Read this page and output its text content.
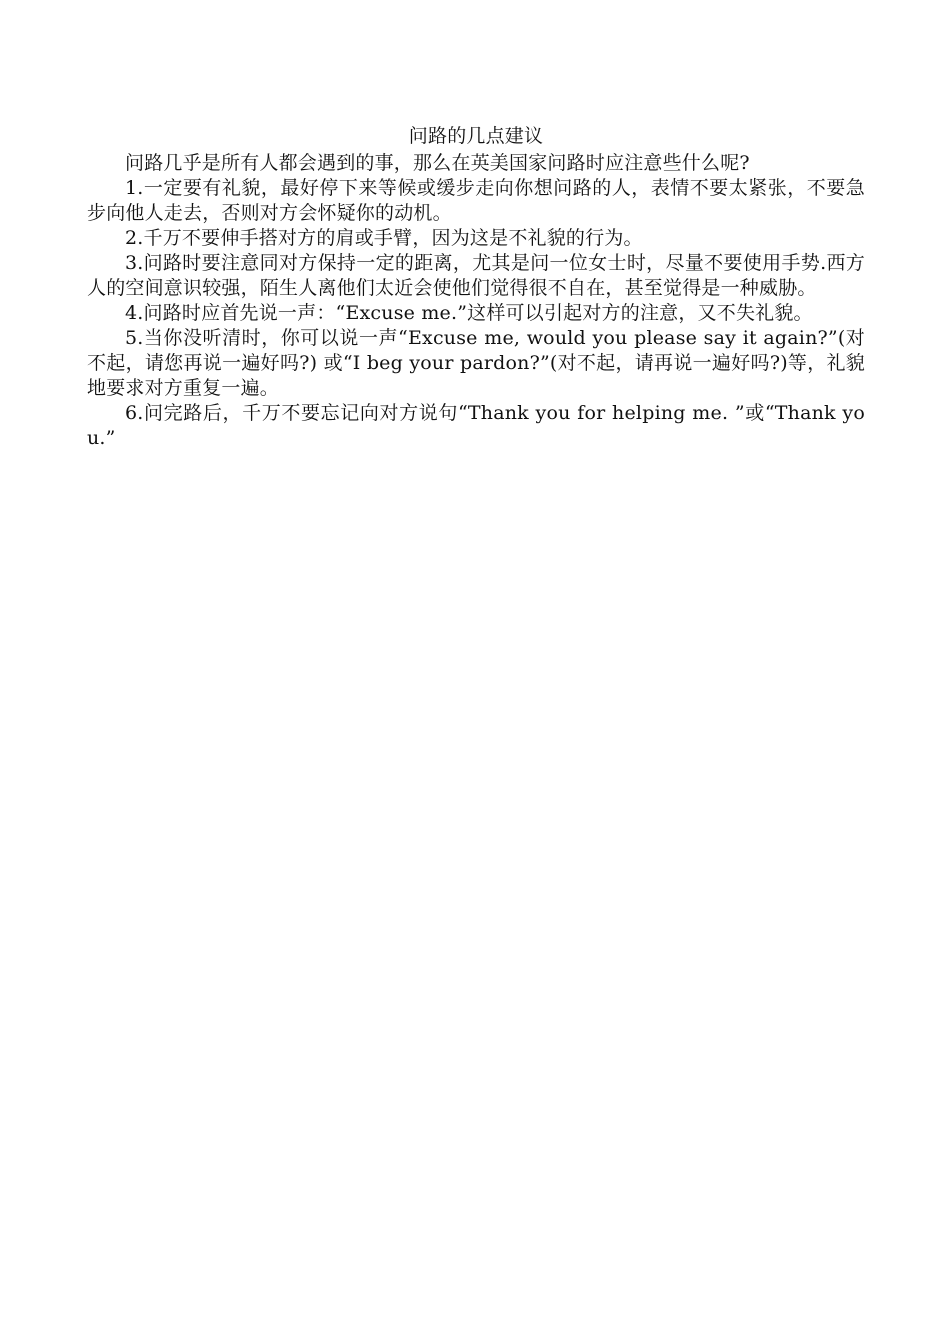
问路的几点建议

问路几乎是所有人都会遇到的事，那么在英美国家问路时应注意些什么呢?

1.一定要有礼貌，最好停下来等候或缓步走向你想问路的人，表情不要太紧张，不要急步向他人走去，否则对方会怀疑你的动机。

2.千万不要伸手搭对方的肩或手臂，因为这是不礼貌的行为。

3.问路时要注意同对方保持一定的距离，尤其是问一位女士时，尽量不要使用手势.西方人的空间意识较强，陌生人离他们太近会使他们觉得很不自在，甚至觉得是一种威胁。

4.问路时应首先说一声：“Excuse me.”这样可以引起对方的注意，又不失礼貌。

5.当你没听清时，你可以说一声“Excuse me, would you please say it again?”(对不起，请您再说一遍好吗?) 或“I beg your pardon?”(对不起，请再说一遍好吗?)等，礼貌地要求对方重复一遍。

6.问完路后，千万不要忘记向对方说句“Thank you for helping me. ”或“Thank you.”
